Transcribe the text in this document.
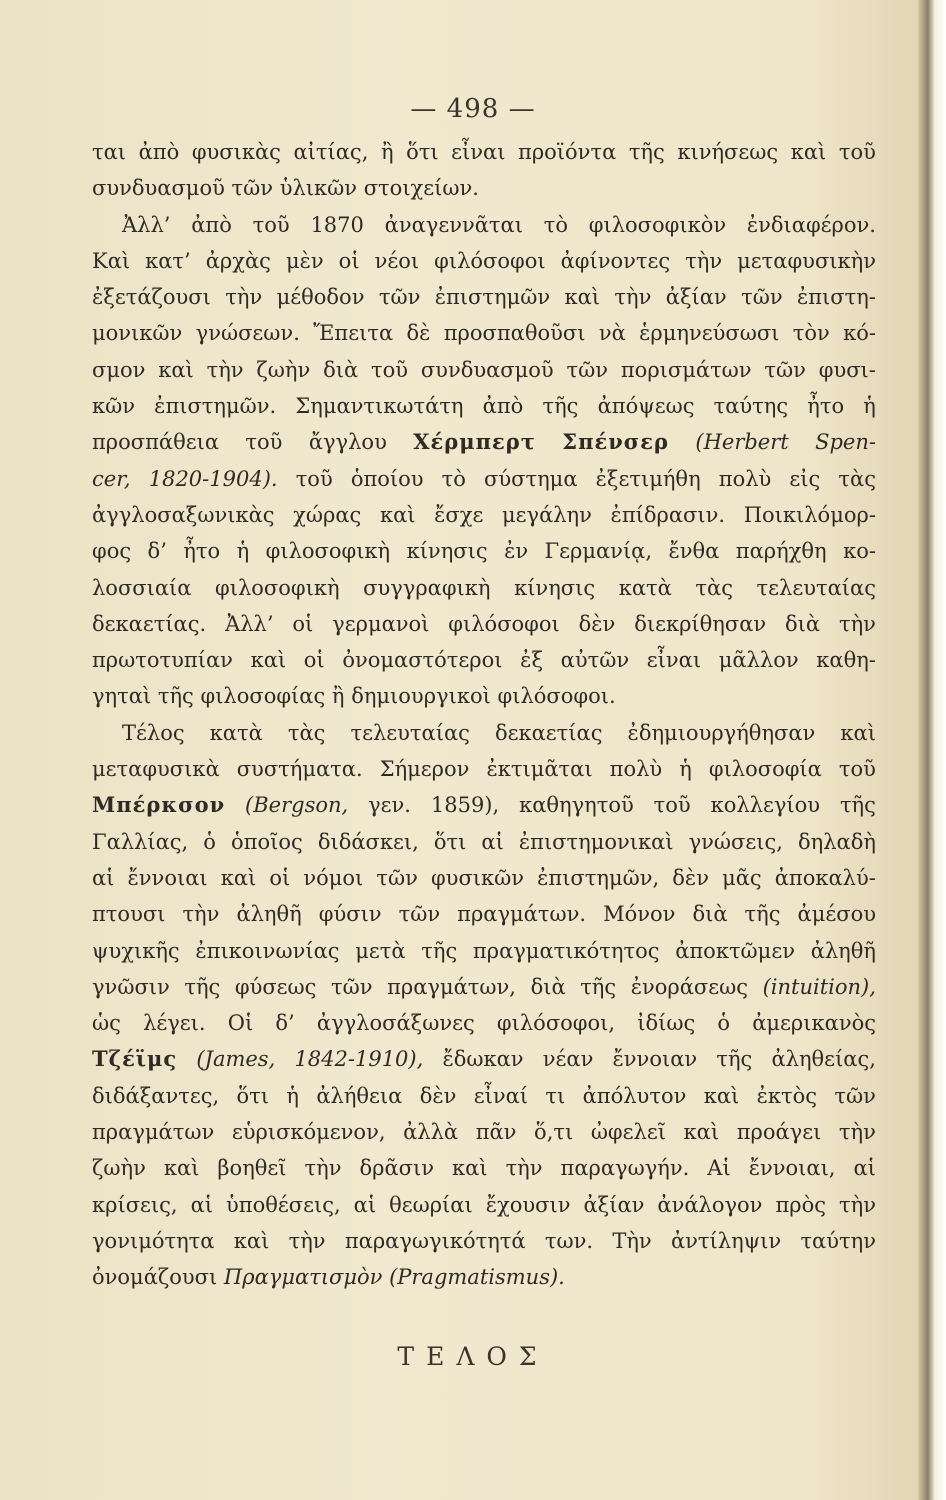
— 498 —
ται ἀπὸ φυσικὰς αἰτίας, ἢ ὅτι εἶναι προϊόντα τῆς κινήσεως καὶ τοῦ
συνδυασμοῦ τῶν ὑλικῶν στοιχείων.
Ἀλλ’ ἀπὸ τοῦ 1870 ἀναγεννᾶται τὸ φιλοσοφικὸν ἐνδιαφέρον.
Καὶ κατ’ ἀρχὰς μὲν οἱ νέοι φιλόσοφοι ἀφίνοντες τὴν μεταφυσικὴν
ἐξετάζουσι τὴν μέθοδον τῶν ἐπιστημῶν καὶ τὴν ἀξίαν τῶν ἐπιστη-
μονικῶν γνώσεων. Ἔπειτα δὲ προσπαθοῦσι νὰ ἑρμηνεύσωσι τὸν κό-
σμον καὶ τὴν ζωὴν διὰ τοῦ συνδυασμοῦ τῶν πορισμάτων τῶν φυσι-
κῶν ἐπιστημῶν. Σημαντικωτάτη ἀπὸ τῆς ἀπόψεως ταύτης ἦτο ἡ
προσπάθεια τοῦ ἄγγλου Χέρμπερτ Σπένσερ (Herbert Spen-
cer, 1820-1904). τοῦ ὁποίου τὸ σύστημα ἐξετιμήθη πολὺ εἰς τὰς
ἀγγλοσαξωνικὰς χώρας καὶ ἔσχε μεγάλην ἐπίδρασιν. Ποικιλόμορ-
φος δ’ ἦτο ἡ φιλοσοφικὴ κίνησις ἐν Γερμανίᾳ, ἔνθα παρήχθη κο-
λοσσιαία φιλοσοφικὴ συγγραφικὴ κίνησις κατὰ τὰς τελευταίας
δεκαετίας. Ἀλλ’ οἱ γερμανοὶ φιλόσοφοι δὲν διεκρίθησαν διὰ τὴν
πρωτοτυπίαν καὶ οἱ ὀνομαστότεροι ἐξ αὐτῶν εἶναι μᾶλλον καθη-
γηταὶ τῆς φιλοσοφίας ἢ δημιουργικοὶ φιλόσοφοι.
Τέλος κατὰ τὰς τελευταίας δεκαετίας ἐδημιουργήθησαν καὶ
μεταφυσικὰ συστήματα. Σήμερον ἐκτιμᾶται πολὺ ἡ φιλοσοφία τοῦ
Μπέρκσον (Bergson, γεν. 1859), καθηγητοῦ τοῦ κολλεγίου τῆς
Γαλλίας, ὁ ὁποῖος διδάσκει, ὅτι αἱ ἐπιστημονικαὶ γνώσεις, δηλαδὴ
αἱ ἔννοιαι καὶ οἱ νόμοι τῶν φυσικῶν ἐπιστημῶν, δὲν μᾶς ἀποκαλύ-
πτουσι τὴν ἀληθῆ φύσιν τῶν πραγμάτων. Μόνον διὰ τῆς ἀμέσου
ψυχικῆς ἐπικοινωνίας μετὰ τῆς πραγματικότητος ἀποκτῶμεν ἀληθῆ
γνῶσιν τῆς φύσεως τῶν πραγμάτων, διὰ τῆς ἐνοράσεως (intuition),
ὡς λέγει. Οἱ δ’ ἀγγλοσάξωνες φιλόσοφοι, ἰδίως ὁ ἀμερικανὸς
Τζέϊμς (James, 1842-1910), ἔδωκαν νέαν ἔννοιαν τῆς ἀληθείας,
διδάξαντες, ὅτι ἡ ἀλήθεια δὲν εἶναί τι ἀπόλυτον καὶ ἐκτὸς τῶν
πραγμάτων εὑρισκόμενον, ἀλλὰ πᾶν ὅ,τι ὠφελεῖ καὶ προάγει τὴν
ζωὴν καὶ βοηθεῖ τὴν δρᾶσιν καὶ τὴν παραγωγήν. Αἱ ἔννοιαι, αἱ
κρίσεις, αἱ ὑποθέσεις, αἱ θεωρίαι ἔχουσιν ἀξίαν ἀνάλογον πρὸς τὴν
γονιμότητα καὶ τὴν παραγωγικότητά των. Τὴν ἀντίληψιν ταύτην
ὀνομάζουσι Πραγματισμὸν (Pragmatismus).
ΤΕΛΟΣ
